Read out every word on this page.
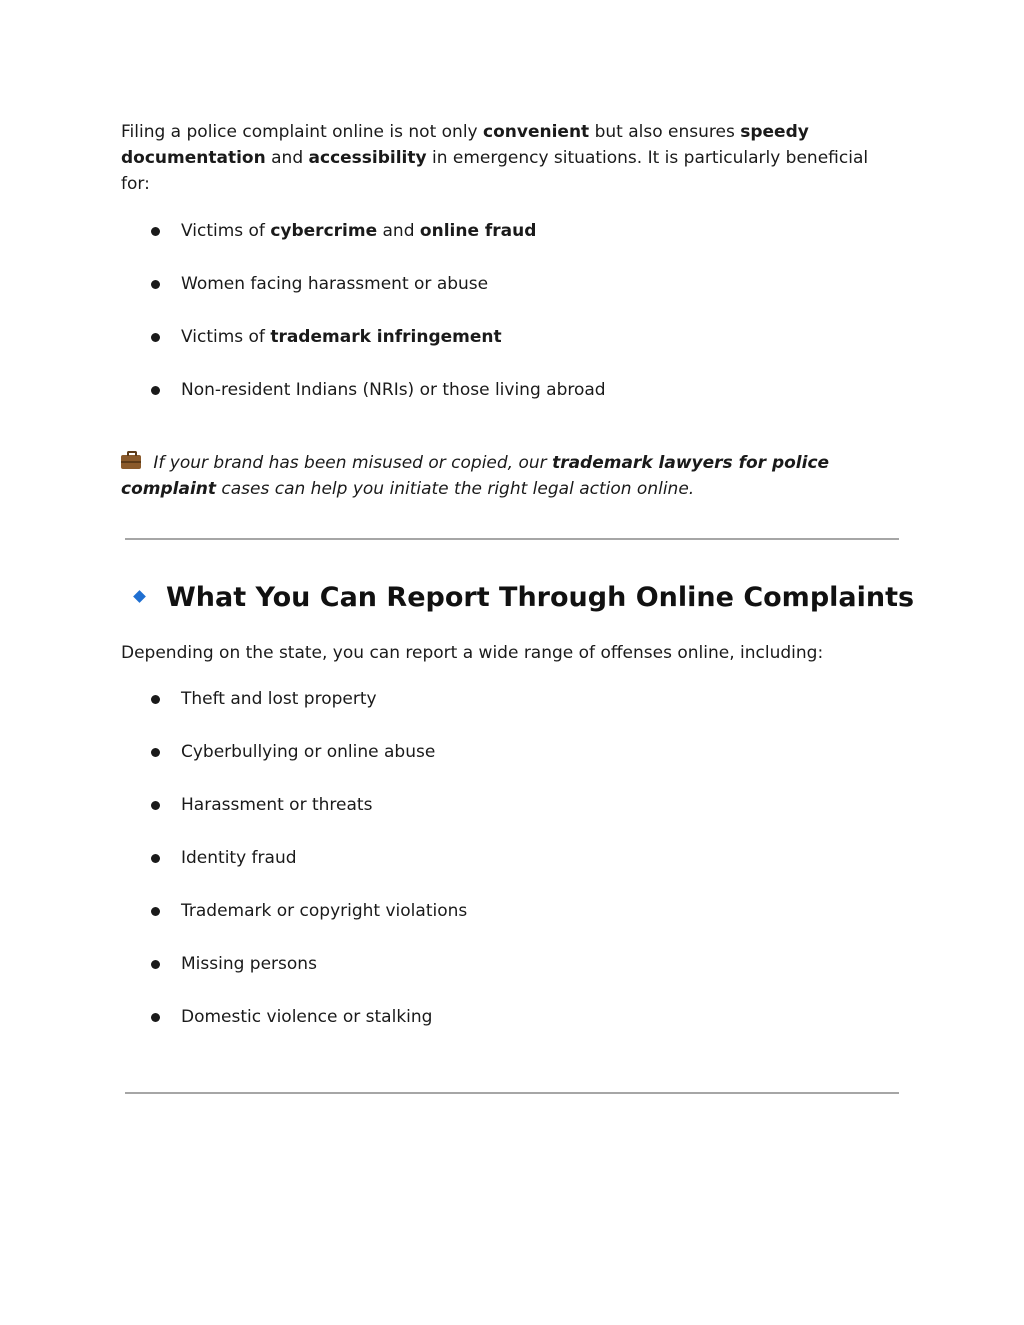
Filing a police complaint online is not only convenient but also ensures speedy documentation and accessibility in emergency situations. It is particularly beneficial for:

Victims of cybercrime and online fraud
Women facing harassment or abuse
Victims of trademark infringement
Non-resident Indians (NRIs) or those living abroad

If your brand has been misused or copied, our trademark lawyers for police complaint cases can help you initiate the right legal action online.

What You Can Report Through Online Complaints

Depending on the state, you can report a wide range of offenses online, including:

Theft and lost property
Cyberbullying or online abuse
Harassment or threats
Identity fraud
Trademark or copyright violations
Missing persons
Domestic violence or stalking
